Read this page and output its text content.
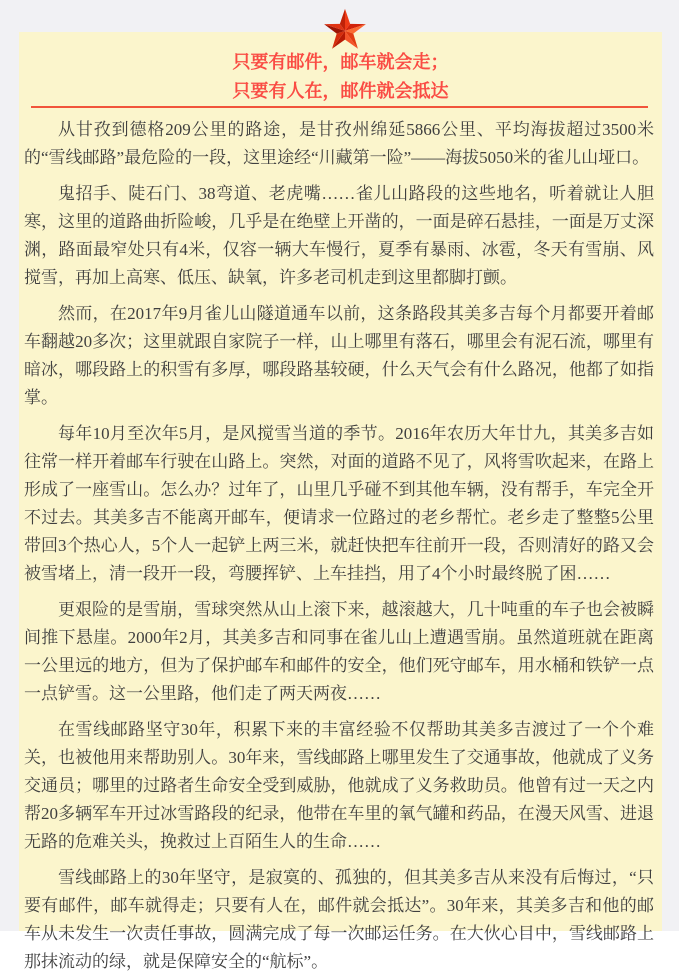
只要有邮件，邮车就会走；

只要有人在，邮件就会抵达

从甘孜到德格209公里的路途，是甘孜州绵延5866公里、平均海拔超过3500米的“雪线邮路”最危险的一段，这里途经“川藏第一险”——海拔5050米的雀儿山垭口。

鬼招手、陡石门、38弯道、老虎嘴……雀儿山路段的这些地名，听着就让人胆寒，这里的道路曲折险峻，几乎是在绝壁上开凿的，一面是碎石悬挂，一面是万丈深渊，路面最窄处只有4米，仅容一辆大车慢行，夏季有暴雨、冰雹，冬天有雪崩、风搅雪，再加上高寒、低压、缺氧，许多老司机走到这里都脚打颤。

然而，在2017年9月雀儿山隧道通车以前，这条路段其美多吉每个月都要开着邮车翻越20多次；这里就跟自家院子一样，山上哪里有落石，哪里会有泥石流，哪里有暗冰，哪段路上的积雪有多厚，哪段路基较硬，什么天气会有什么路况，他都了如指掌。

每年10月至次年5月，是风搅雪当道的季节。2016年农历大年廿九，其美多吉如往常一样开着邮车行驶在山路上。突然，对面的道路不见了，风将雪吹起来，在路上形成了一座雪山。怎么办？过年了，山里几乎碰不到其他车辆，没有帮手，车完全开不过去。其美多吉不能离开邮车，便请求一位路过的老乡帮忙。老乡走了整整5公里带回3个热心人，5个人一起铲上两三米，就赶快把车往前开一段，否则清好的路又会被雪堵上，清一段开一段，弯腰挥铲、上车挂挡，用了4个小时最终脱了困……

更艰险的是雪崩，雪球突然从山上滚下来，越滚越大，几十吨重的车子也会被瞬间推下悬崖。2000年2月，其美多吉和同事在雀儿山上遭遇雪崩。虽然道班就在距离一公里远的地方，但为了保护邮车和邮件的安全，他们死守邮车，用水桶和铁铲一点一点铲雪。这一公里路，他们走了两天两夜……

在雪线邮路坚守30年，积累下来的丰富经验不仅帮助其美多吉渡过了一个个难关，也被他用来帮助别人。30年来，雪线邮路上哪里发生了交通事故，他就成了义务交通员；哪里的过路者生命安全受到威胁，他就成了义务救助员。他曾有过一天之内帮20多辆军车开过冰雪路段的纪录，他带在车里的氧气罐和药品，在漫天风雪、进退无路的危难关头，挽救过上百陌生人的生命……

雪线邮路上的30年坚守，是寂寞的、孤独的，但其美多吉从来没有后悔过，“只要有邮件，邮车就得走；只要有人在，邮件就会抵达”。30年来，其美多吉和他的邮车从未发生一次责任事故，圆满完成了每一次邮运任务。在大伙心目中，雪线邮路上那抹流动的绿，就是保障安全的“航标”。
